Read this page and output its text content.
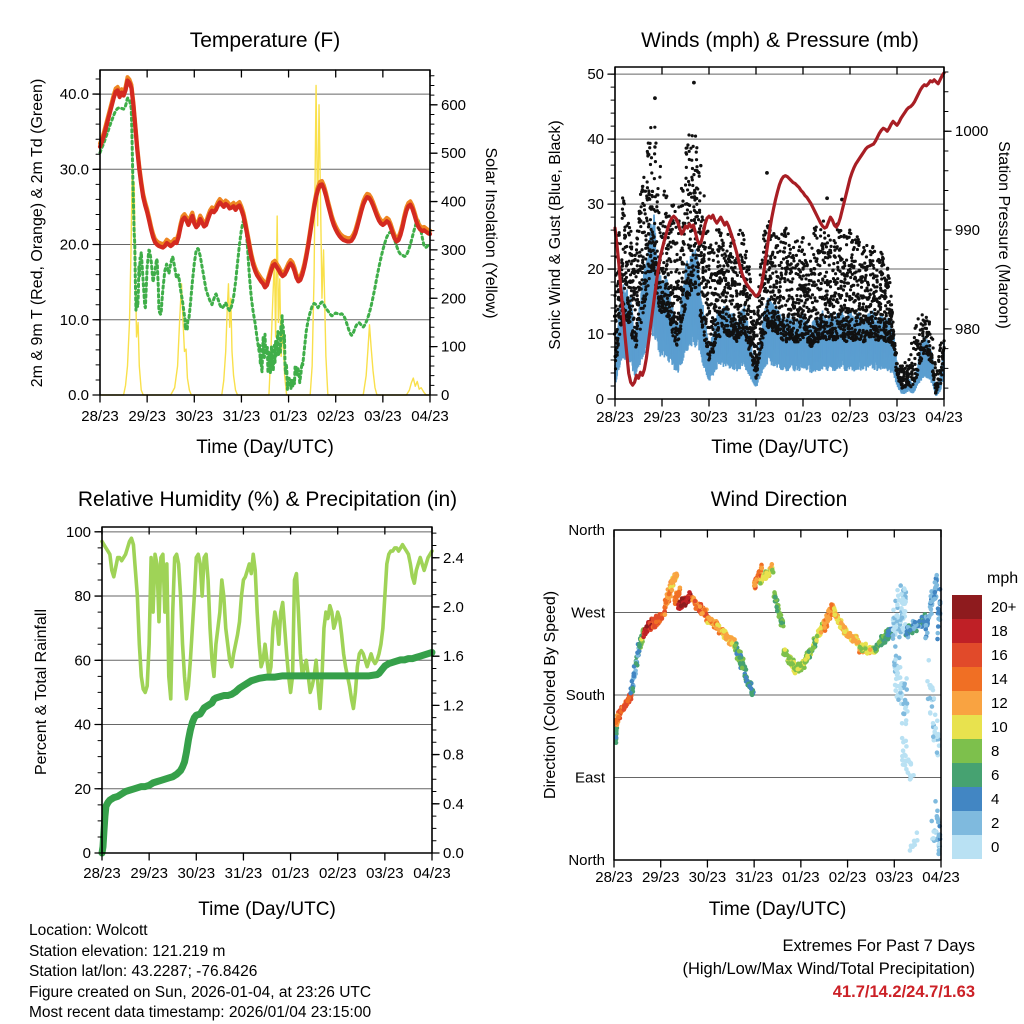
Temperature (F)	Winds (mph) & Pressure (mb)
Relative Humidity (%) & Precipitation (in)	Wind Direction
2m & 9m T (Red, Orange) & 2m Td (Green)	Solar Insolation (Yellow)	Sonic Wind & Gust (Blue, Black)	Station Pressure (Maroon)
Percent & Total Rainfall	Direction (Colored By Speed)
Time (Day/UTC)	Time (Day/UTC)
Time (Day/UTC)	Time (Day/UTC)
mph
Location: Wolcott
Station elevation: 121.219 m
Station lat/lon: 43.2287; -76.8426
Figure created on Sun, 2026-01-04, at 23:26 UTC
Most recent data timestamp: 2026/01/04 23:15:00
Extremes For Past 7 Days
(High/Low/Max Wind/Total Precipitation)
41.7/14.2/24.7/1.63
